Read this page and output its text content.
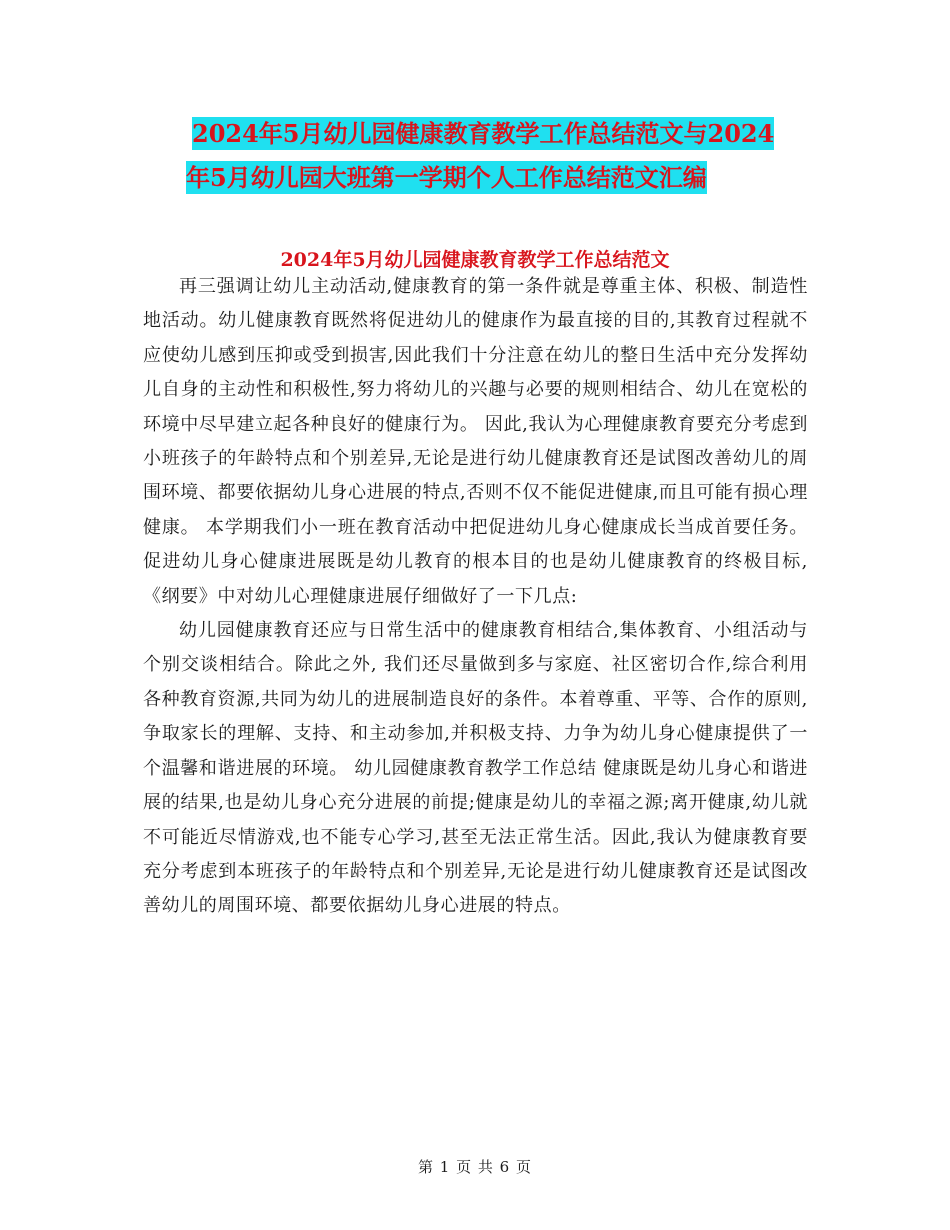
2024年5月幼儿园健康教育教学工作总结范文与2024
年5月幼儿园大班第一学期个人工作总结范文汇编
2024年5月幼儿园健康教育教学工作总结范文

再三强调让幼儿主动活动,健康教育的第一条件就是尊重主体、积极、制造性地活动。幼儿健康教育既然将促进幼儿的健康作为最直接的目的,其教育过程就不应使幼儿感到压抑或受到损害,因此我们十分注意在幼儿的整日生活中充分发挥幼儿自身的主动性和积极性,努力将幼儿的兴趣与必要的规则相结合、幼儿在宽松的环境中尽早建立起各种良好的健康行为。 因此,我认为心理健康教育要充分考虑到小班孩子的年龄特点和个别差异,无论是进行幼儿健康教育还是试图改善幼儿的周围环境、都要依据幼儿身心进展的特点,否则不仅不能促进健康,而且可能有损心理健康。 本学期我们小一班在教育活动中把促进幼儿身心健康成长当成首要任务。促进幼儿身心健康进展既是幼儿教育的根本目的也是幼儿健康教育的终极目标,《纲要》中对幼儿心理健康进展仔细做好了一下几点:

幼儿园健康教育还应与日常生活中的健康教育相结合,集体教育、小组活动与个别交谈相结合。除此之外, 我们还尽量做到多与家庭、社区密切合作,综合利用各种教育资源,共同为幼儿的进展制造良好的条件。本着尊重、平等、合作的原则,争取家长的理解、支持、和主动参加,并积极支持、力争为幼儿身心健康提供了一个温馨和谐进展的环境。 幼儿园健康教育教学工作总结 健康既是幼儿身心和谐进展的结果,也是幼儿身心充分进展的前提;健康是幼儿的幸福之源;离开健康,幼儿就不可能近尽情游戏,也不能专心学习,甚至无法正常生活。因此,我认为健康教育要充分考虑到本班孩子的年龄特点和个别差异,无论是进行幼儿健康教育还是试图改善幼儿的周围环境、都要依据幼儿身心进展的特点。

第 1 页 共 6 页
